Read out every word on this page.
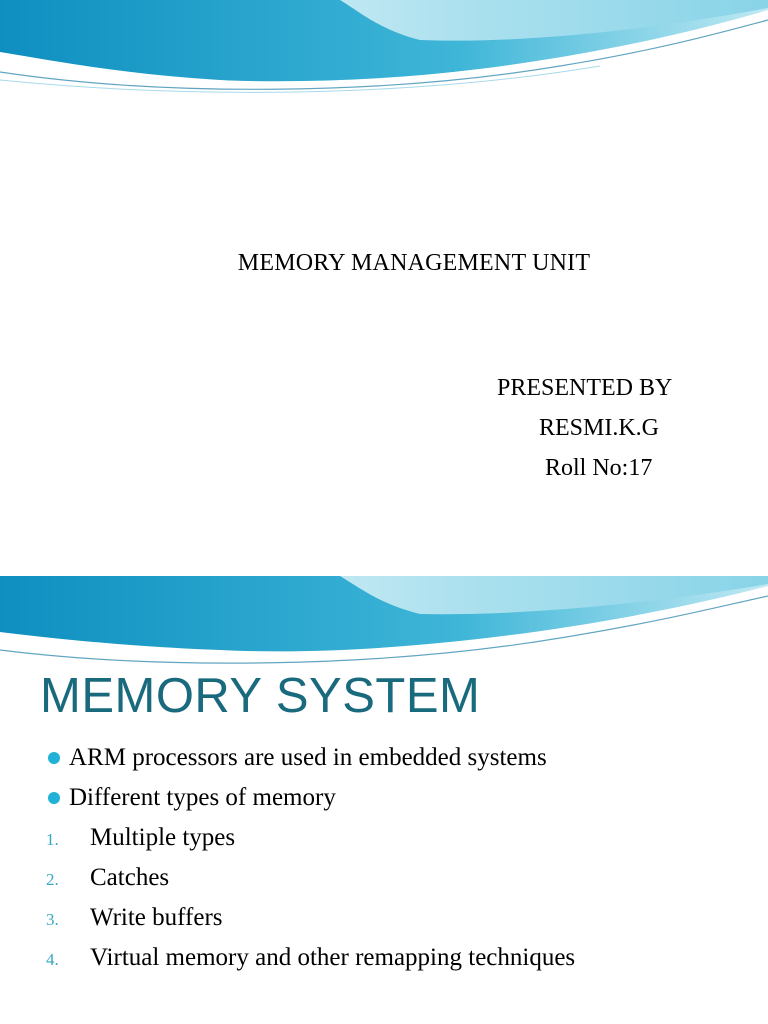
MEMORY MANAGEMENT UNIT
PRESENTED BY
RESMI.K.G
Roll No:17
MEMORY SYSTEM
ARM processors are used in embedded systems
Different types of memory
1. Multiple types
2. Catches
3. Write buffers
4. Virtual memory and other remapping techniques
